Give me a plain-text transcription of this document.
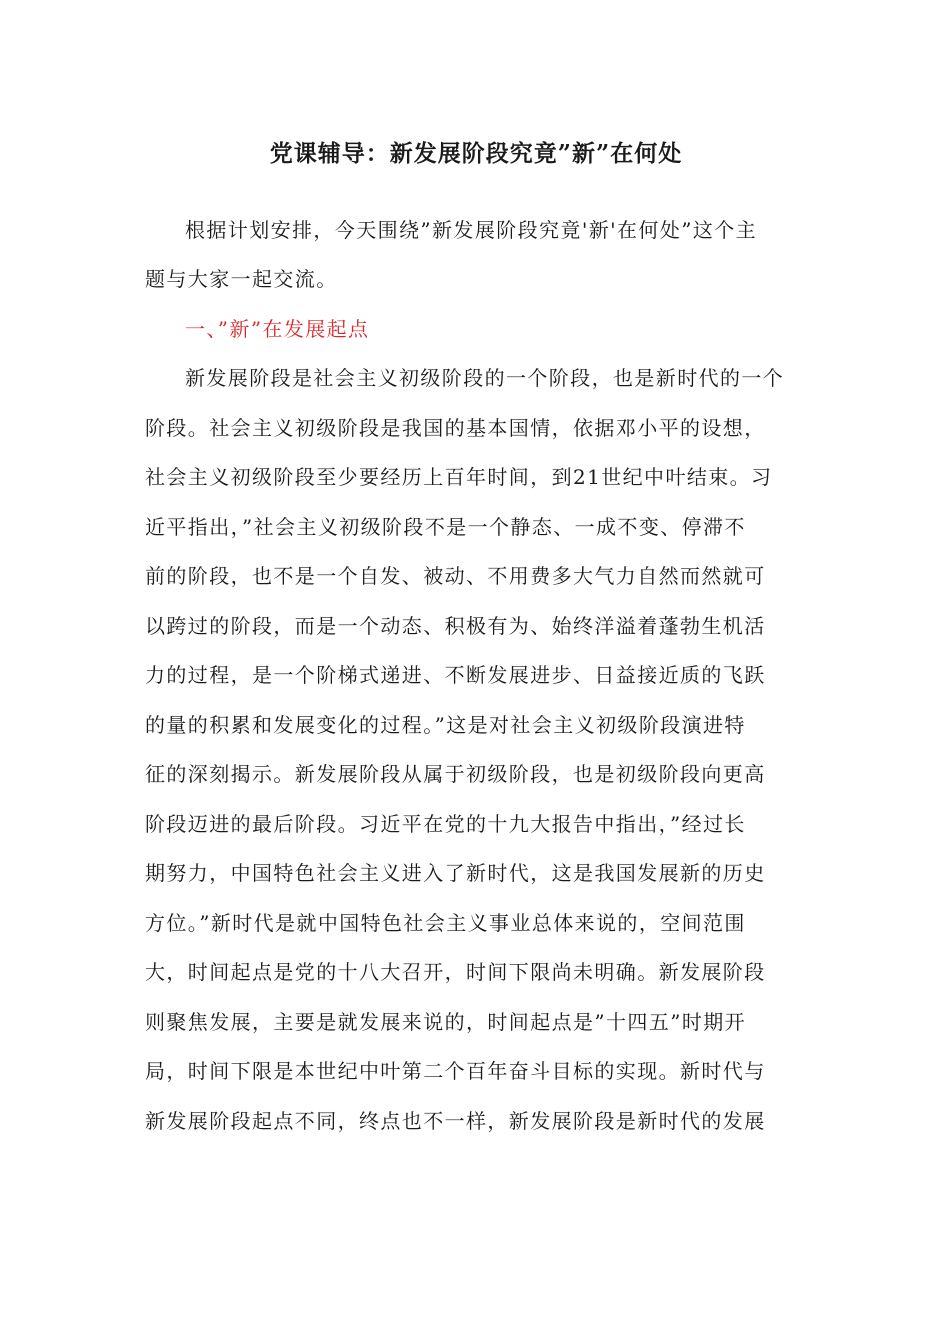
党课辅导：新发展阶段究竟”新”在何处

根据计划安排，今天围绕”新发展阶段究竟'新'在何处”这个主
题与大家一起交流。

一、”新”在发展起点

新发展阶段是社会主义初级阶段的一个阶段，也是新时代的一个
阶段。社会主义初级阶段是我国的基本国情，依据邓小平的设想，
社会主义初级阶段至少要经历上百年时间，到21世纪中叶结束。习
近平指出，”社会主义初级阶段不是一个静态、一成不变、停滞不
前的阶段，也不是一个自发、被动、不用费多大气力自然而然就可
以跨过的阶段，而是一个动态、积极有为、始终洋溢着蓬勃生机活
力的过程，是一个阶梯式递进、不断发展进步、日益接近质的飞跃
的量的积累和发展变化的过程。”这是对社会主义初级阶段演进特
征的深刻揭示。新发展阶段从属于初级阶段，也是初级阶段向更高
阶段迈进的最后阶段。习近平在党的十九大报告中指出，”经过长
期努力，中国特色社会主义进入了新时代，这是我国发展新的历史
方位。”新时代是就中国特色社会主义事业总体来说的，空间范围
大，时间起点是党的十八大召开，时间下限尚未明确。新发展阶段
则聚焦发展，主要是就发展来说的，时间起点是”十四五”时期开
局，时间下限是本世纪中叶第二个百年奋斗目标的实现。新时代与
新发展阶段起点不同，终点也不一样，新发展阶段是新时代的发展
